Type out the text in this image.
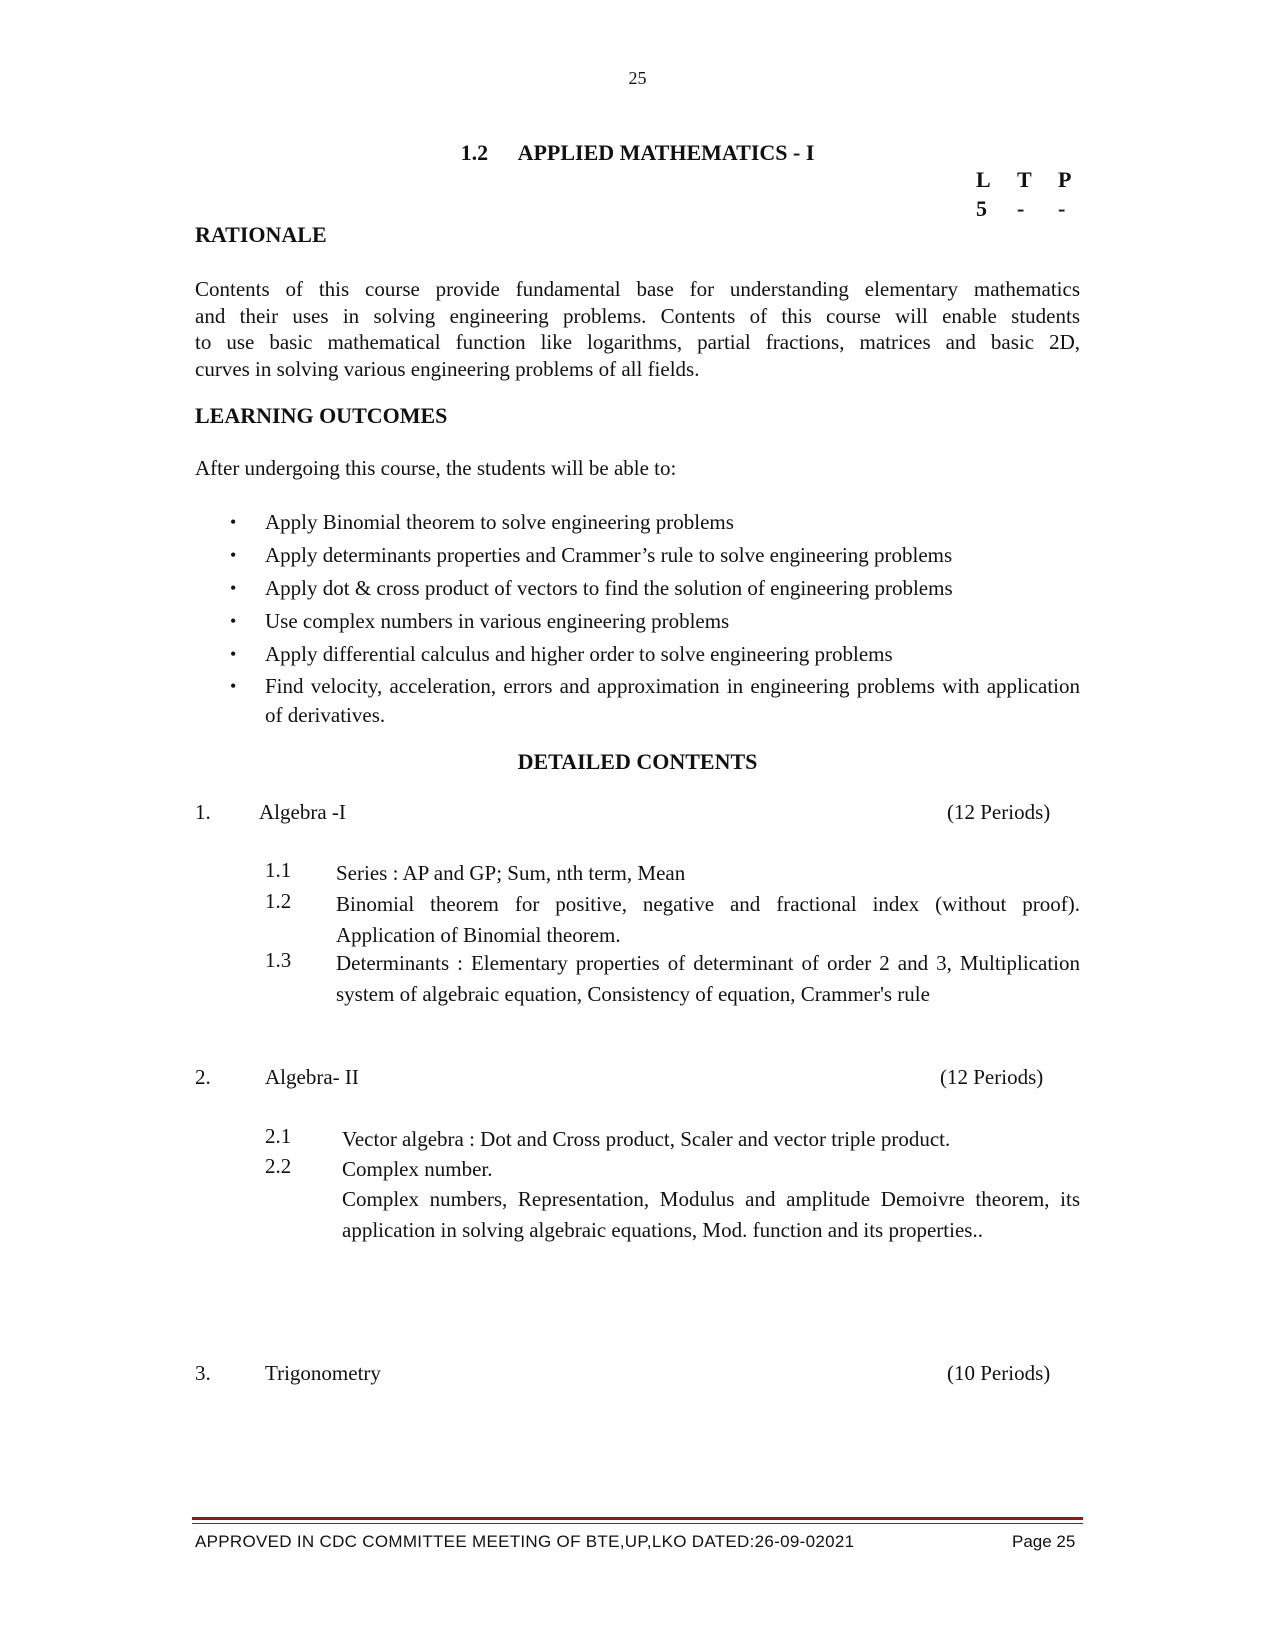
25
1.2 APPLIED MATHEMATICS - I
L T P
5 - -
RATIONALE
Contents of this course provide fundamental base for understanding elementary mathematics
and their uses in solving engineering problems. Contents of this course will enable students
to use basic mathematical function like logarithms, partial fractions, matrices and basic 2D,
curves in solving various engineering problems of all fields.
LEARNING OUTCOMES
After undergoing this course, the students will be able to:
• Apply Binomial theorem to solve engineering problems
• Apply determinants properties and Crammer’s rule to solve engineering problems
• Apply dot & cross product of vectors to find the solution of engineering problems
• Use complex numbers in various engineering problems
• Apply differential calculus and higher order to solve engineering problems
• Find velocity, acceleration, errors and approximation in engineering problems with application of derivatives.
DETAILED CONTENTS
1. Algebra -I	(12 Periods)
1.1 Series : AP and GP; Sum, nth term, Mean
1.2 Binomial theorem for positive, negative and fractional index (without proof). Application of Binomial theorem.
1.3 Determinants : Elementary properties of determinant of order 2 and 3, Multiplication system of algebraic equation, Consistency of equation, Crammer's rule
2.	Algebra- II	(12 Periods)
2.1 Vector algebra : Dot and Cross product, Scaler and vector triple product.
2.2 Complex number.
Complex numbers, Representation, Modulus and amplitude Demoivre theorem, its application in solving algebraic equations, Mod. function and its properties..
3.	Trigonometry	(10 Periods)
APPROVED IN CDC COMMITTEE MEETING OF BTE,UP,LKO DATED:26-09-02021	Page 25
